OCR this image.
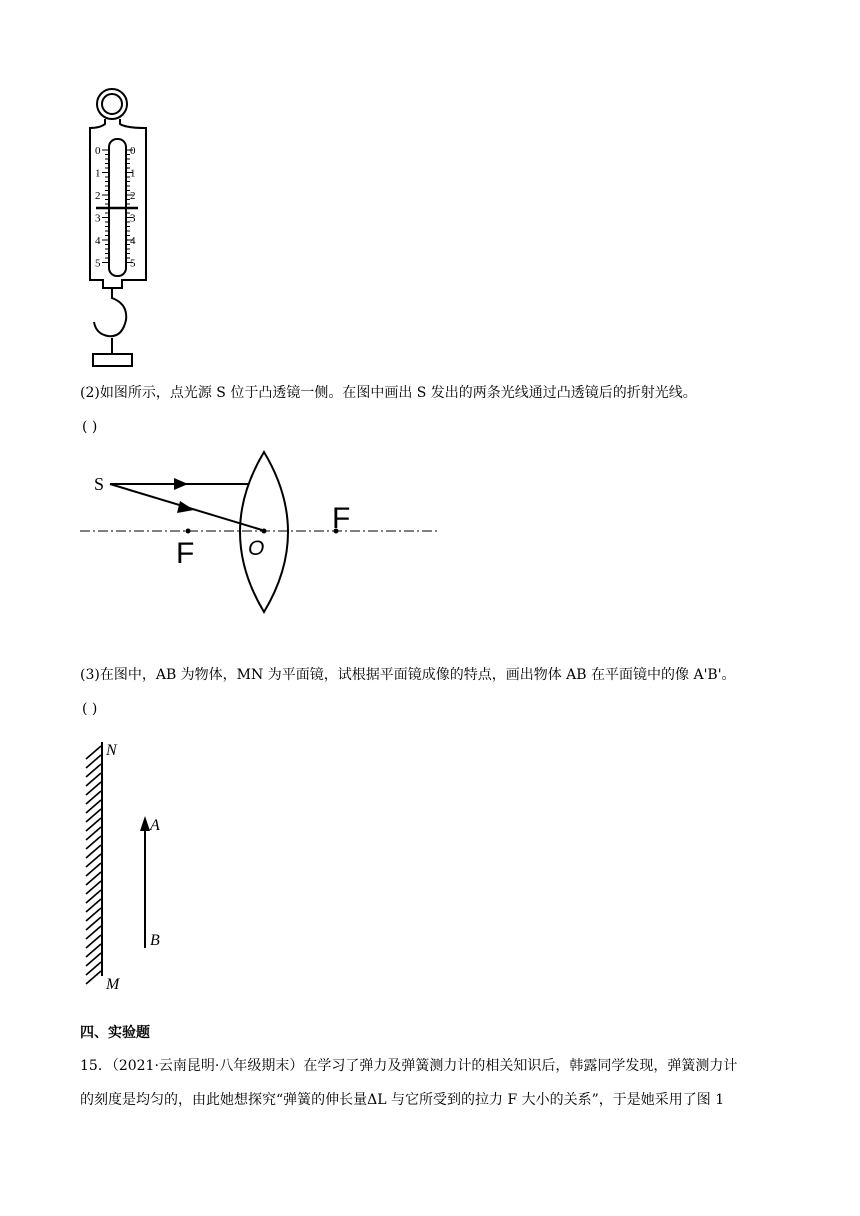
0
1
2
3
4
5
0
1
2
3
4
5
(2)如图所示，点光源 S 位于凸透镜一侧。在图中画出 S 发出的两条光线通过凸透镜后的折射光线。
( )
S
F	O
F
(3)在图中，AB 为物体，MN 为平面镜，试根据平面镜成像的特点，画出物体 AB 在平面镜中的像 A'B'。
( )
N
A
B
M
四、实验题
15．（2021·云南昆明·八年级期末）在学习了弹力及弹簧测力计的相关知识后，韩露同学发现，弹簧测力计
的刻度是均匀的，由此她想探究“弹簧的伸长量ΔL 与它所受到的拉力 F 大小的关系”，于是她采用了图 1
